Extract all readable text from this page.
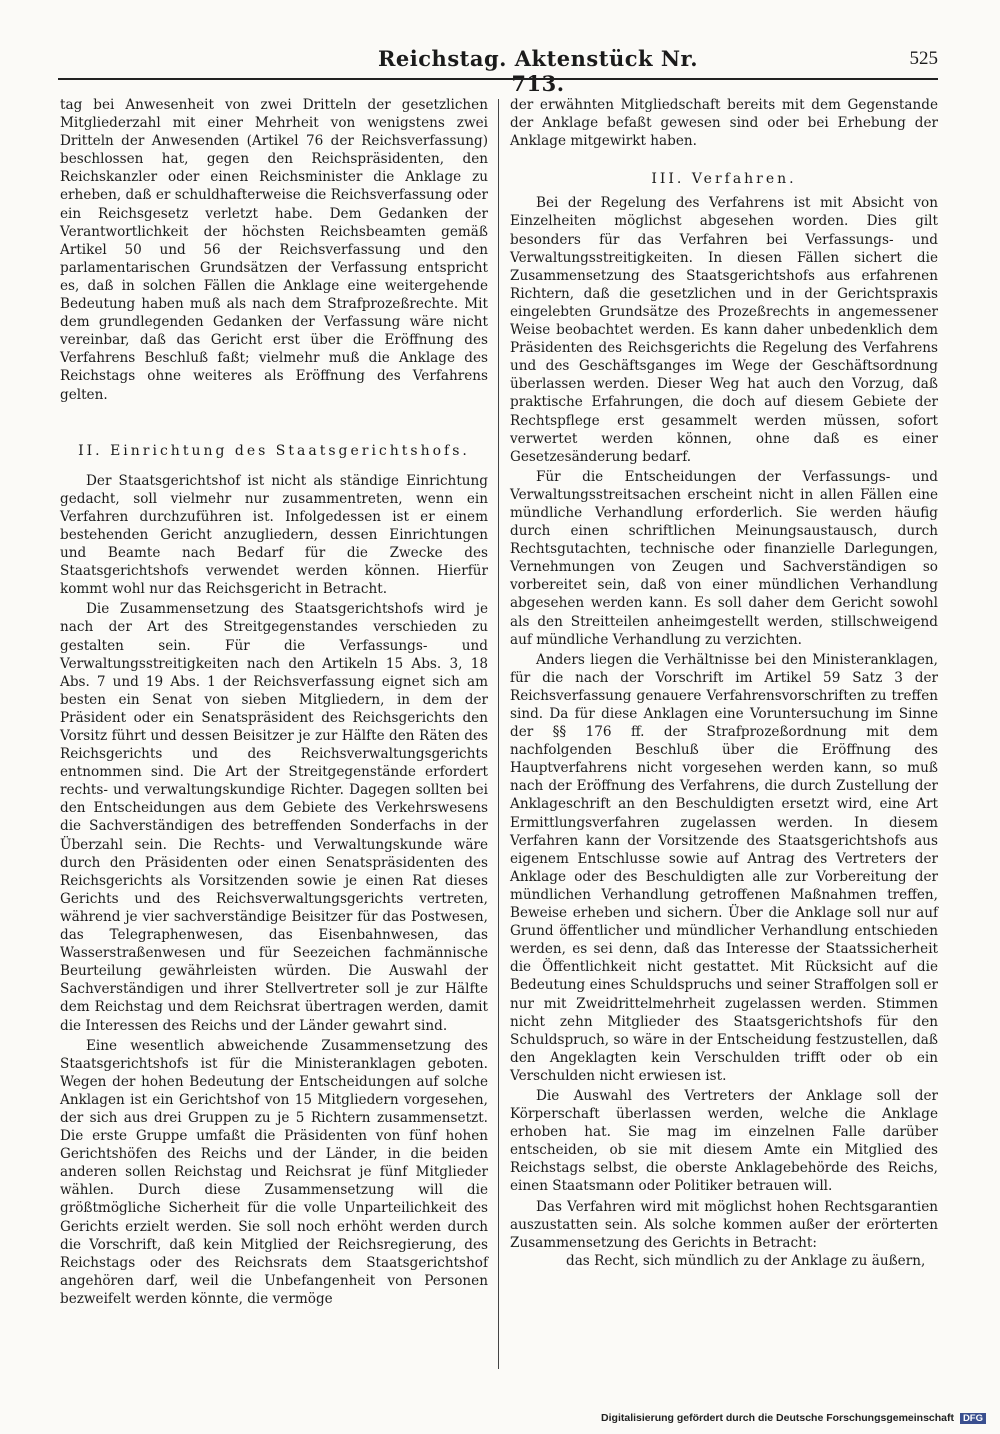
Reichstag. Aktenstück Nr. 713.
525

tag bei Anwesenheit von zwei Dritteln der gesetzlichen Mitgliederzahl mit einer Mehrheit von wenigstens zwei Dritteln der Anwesenden (Artikel 76 der Reichsverfassung) beschlossen hat, gegen den Reichspräsidenten, den Reichskanzler oder einen Reichsminister die Anklage zu erheben, daß er schuldhafterweise die Reichsverfassung oder ein Reichsgesetz verletzt habe. Dem Gedanken der Verantwortlichkeit der höchsten Reichsbeamten gemäß Artikel 50 und 56 der Reichsverfassung und den parlamentarischen Grundsätzen der Verfassung entspricht es, daß in solchen Fällen die Anklage eine weitergehende Bedeutung haben muß als nach dem Strafprozeßrechte. Mit dem grundlegenden Gedanken der Verfassung wäre nicht vereinbar, daß das Gericht erst über die Eröffnung des Verfahrens Beschluß faßt; vielmehr muß die Anklage des Reichstags ohne weiteres als Eröffnung des Verfahrens gelten.

II. Einrichtung des Staatsgerichtshofs.

Der Staatsgerichtshof ist nicht als ständige Einrichtung gedacht, soll vielmehr nur zusammentreten, wenn ein Verfahren durchzuführen ist. Infolgedessen ist er einem bestehenden Gericht anzugliedern, dessen Einrichtungen und Beamte nach Bedarf für die Zwecke des Staatsgerichtshofs verwendet werden können. Hierfür kommt wohl nur das Reichsgericht in Betracht.

Die Zusammensetzung des Staatsgerichtshofs wird je nach der Art des Streitgegenstandes verschieden zu gestalten sein. Für die Verfassungs- und Verwaltungsstreitigkeiten nach den Artikeln 15 Abs. 3, 18 Abs. 7 und 19 Abs. 1 der Reichsverfassung eignet sich am besten ein Senat von sieben Mitgliedern, in dem der Präsident oder ein Senatspräsident des Reichsgerichts den Vorsitz führt und dessen Beisitzer je zur Hälfte den Räten des Reichsgerichts und des Reichsverwaltungsgerichts entnommen sind. Die Art der Streitgegenstände erfordert rechts- und verwaltungskundige Richter. Dagegen sollten bei den Entscheidungen aus dem Gebiete des Verkehrswesens die Sachverständigen des betreffenden Sonderfachs in der Überzahl sein. Die Rechts- und Verwaltungskunde wäre durch den Präsidenten oder einen Senatspräsidenten des Reichsgerichts als Vorsitzenden sowie je einen Rat dieses Gerichts und des Reichsverwaltungsgerichts vertreten, während je vier sachverständige Beisitzer für das Postwesen, das Telegraphenwesen, das Eisenbahnwesen, das Wasserstraßenwesen und für Seezeichen fachmännische Beurteilung gewährleisten würden. Die Auswahl der Sachverständigen und ihrer Stellvertreter soll je zur Hälfte dem Reichstag und dem Reichsrat übertragen werden, damit die Interessen des Reichs und der Länder gewahrt sind.

Eine wesentlich abweichende Zusammensetzung des Staatsgerichtshofs ist für die Ministeranklagen geboten. Wegen der hohen Bedeutung der Entscheidungen auf solche Anklagen ist ein Gerichtshof von 15 Mitgliedern vorgesehen, der sich aus drei Gruppen zu je 5 Richtern zusammensetzt. Die erste Gruppe umfaßt die Präsidenten von fünf hohen Gerichtshöfen des Reichs und der Länder, in die beiden anderen sollen Reichstag und Reichsrat je fünf Mitglieder wählen. Durch diese Zusammensetzung will die größtmögliche Sicherheit für die volle Unparteilichkeit des Gerichts erzielt werden. Sie soll noch erhöht werden durch die Vorschrift, daß kein Mitglied der Reichsregierung, des Reichstags oder des Reichsrats dem Staatsgerichtshof angehören darf, weil die Unbefangenheit von Personen bezweifelt werden könnte, die vermöge

der erwähnten Mitgliedschaft bereits mit dem Gegenstande der Anklage befaßt gewesen sind oder bei Erhebung der Anklage mitgewirkt haben.

III. Verfahren.

Bei der Regelung des Verfahrens ist mit Absicht von Einzelheiten möglichst abgesehen worden. Dies gilt besonders für das Verfahren bei Verfassungs- und Verwaltungsstreitigkeiten. In diesen Fällen sichert die Zusammensetzung des Staatsgerichtshofs aus erfahrenen Richtern, daß die gesetzlichen und in der Gerichtspraxis eingelebten Grundsätze des Prozeßrechts in angemessener Weise beobachtet werden. Es kann daher unbedenklich dem Präsidenten des Reichsgerichts die Regelung des Verfahrens und des Geschäftsganges im Wege der Geschäftsordnung überlassen werden. Dieser Weg hat auch den Vorzug, daß praktische Erfahrungen, die doch auf diesem Gebiete der Rechtspflege erst gesammelt werden müssen, sofort verwertet werden können, ohne daß es einer Gesetzesänderung bedarf.

Für die Entscheidungen der Verfassungs- und Verwaltungsstreitsachen erscheint nicht in allen Fällen eine mündliche Verhandlung erforderlich. Sie werden häufig durch einen schriftlichen Meinungsaustausch, durch Rechtsgutachten, technische oder finanzielle Darlegungen, Vernehmungen von Zeugen und Sachverständigen so vorbereitet sein, daß von einer mündlichen Verhandlung abgesehen werden kann. Es soll daher dem Gericht sowohl als den Streitteilen anheimgestellt werden, stillschweigend auf mündliche Verhandlung zu verzichten.

Anders liegen die Verhältnisse bei den Ministeranklagen, für die nach der Vorschrift im Artikel 59 Satz 3 der Reichsverfassung genauere Verfahrensvorschriften zu treffen sind. Da für diese Anklagen eine Voruntersuchung im Sinne der §§ 176 ff. der Strafprozeßordnung mit dem nachfolgenden Beschluß über die Eröffnung des Hauptverfahrens nicht vorgesehen werden kann, so muß nach der Eröffnung des Verfahrens, die durch Zustellung der Anklageschrift an den Beschuldigten ersetzt wird, eine Art Ermittlungsverfahren zugelassen werden. In diesem Verfahren kann der Vorsitzende des Staatsgerichtshofs aus eigenem Entschlusse sowie auf Antrag des Vertreters der Anklage oder des Beschuldigten alle zur Vorbereitung der mündlichen Verhandlung getroffenen Maßnahmen treffen, Beweise erheben und sichern. Über die Anklage soll nur auf Grund öffentlicher und mündlicher Verhandlung entschieden werden, es sei denn, daß das Interesse der Staatssicherheit die Öffentlichkeit nicht gestattet. Mit Rücksicht auf die Bedeutung eines Schuldspruchs und seiner Straffolgen soll er nur mit Zweidrittelmehrheit zugelassen werden. Stimmen nicht zehn Mitglieder des Staatsgerichtshofs für den Schuldspruch, so wäre in der Entscheidung festzustellen, daß den Angeklagten kein Verschulden trifft oder ob ein Verschulden nicht erwiesen ist.

Die Auswahl des Vertreters der Anklage soll der Körperschaft überlassen werden, welche die Anklage erhoben hat. Sie mag im einzelnen Falle darüber entscheiden, ob sie mit diesem Amte ein Mitglied des Reichstags selbst, die oberste Anklagebehörde des Reichs, einen Staatsmann oder Politiker betrauen will.

Das Verfahren wird mit möglichst hohen Rechtsgarantien auszustatten sein. Als solche kommen außer der erörterten Zusammensetzung des Gerichts in Betracht:

das Recht, sich mündlich zu der Anklage zu äußern,

Digitalisierung gefördert durch die Deutsche Forschungsgemeinschaft DFG
